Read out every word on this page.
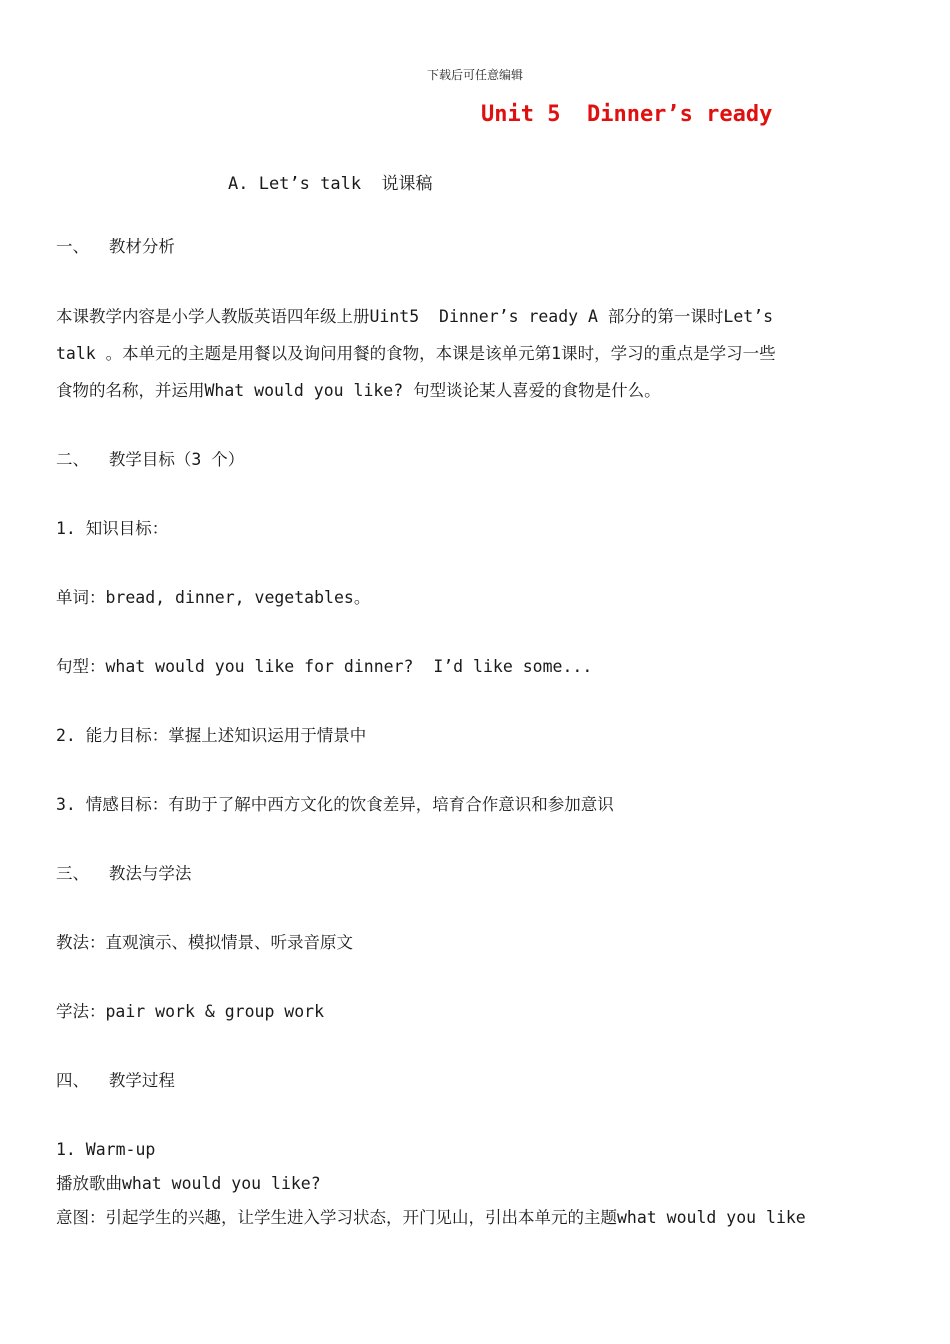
下载后可任意编辑
Unit 5  Dinner’s ready
A. Let’s talk  说课稿
一、  教材分析
本课教学内容是小学人教版英语四年级上册Uint5  Dinner’s ready A 部分的第一课时Let’s
talk 。本单元的主题是用餐以及询问用餐的食物，本课是该单元第1课时，学习的重点是学习一些
食物的名称，并运用What would you like? 句型谈论某人喜爱的食物是什么。
二、  教学目标（3 个）
1. 知识目标：
单词：bread, dinner, vegetables。
句型：what would you like for dinner?  I’d like some...
2. 能力目标：掌握上述知识运用于情景中
3. 情感目标：有助于了解中西方文化的饮食差异，培育合作意识和参加意识
三、  教法与学法
教法：直观演示、模拟情景、听录音原文
学法：pair work & group work
四、  教学过程
1. Warm-up
播放歌曲what would you like?
意图：引起学生的兴趣，让学生进入学习状态，开门见山，引出本单元的主题what would you like
